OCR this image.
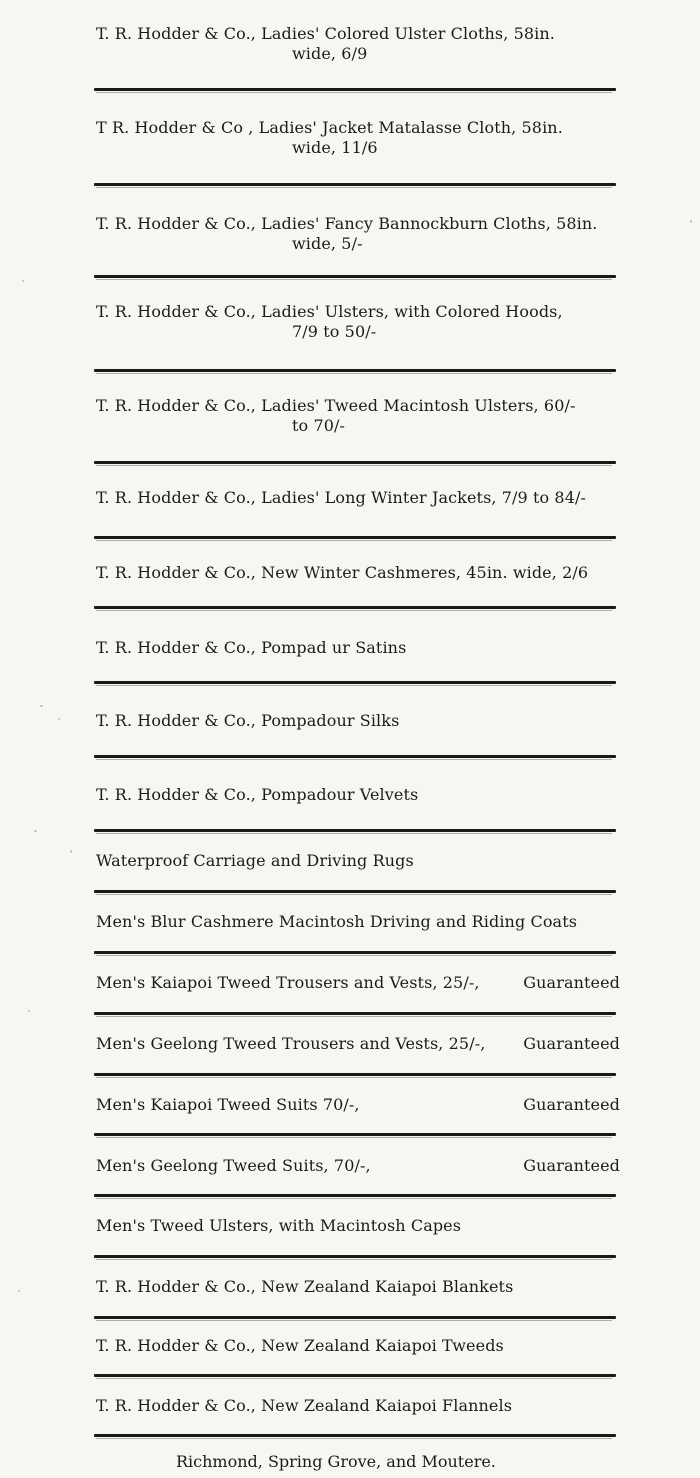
T. R. Hodder & Co., Ladies' Colored Ulster Cloths, 58in.
wide, 6/9
T R. Hodder & Co , Ladies' Jacket Matalasse Cloth, 58in.
wide, 11/6
T. R. Hodder & Co., Ladies' Fancy Bannockburn Cloths, 58in.
wide, 5/-
T. R. Hodder & Co., Ladies' Ulsters, with Colored Hoods,
7/9 to 50/-
T. R. Hodder & Co., Ladies' Tweed Macintosh Ulsters, 60/-
to 70/-
T. R. Hodder & Co., Ladies' Long Winter Jackets, 7/9 to 84/-
T. R. Hodder & Co., New Winter Cashmeres, 45in. wide, 2/6
T. R. Hodder & Co., Pompad ur Satins
T. R. Hodder & Co., Pompadour Silks
T. R. Hodder & Co., Pompadour Velvets
Waterproof Carriage and Driving Rugs
Men's Blur Cashmere Macintosh Driving and Riding Coats
Men's Kaiapoi Tweed Trousers and Vests, 25/-,	Guaranteed
Men's Geelong Tweed Trousers and Vests, 25/-, Guaranteed
Men's Kaiapoi Tweed Suits 70/-,	Guaranteed
Men's Geelong Tweed Suits, 70/-,	Guaranteed
Men's Tweed Ulsters, with Macintosh Capes
T. R. Hodder & Co., New Zealand Kaiapoi Blankets
T. R. Hodder & Co., New Zealand Kaiapoi Tweeds
T. R. Hodder & Co., New Zealand Kaiapoi Flannels
Richmond, Spring Grove, and Moutere.
